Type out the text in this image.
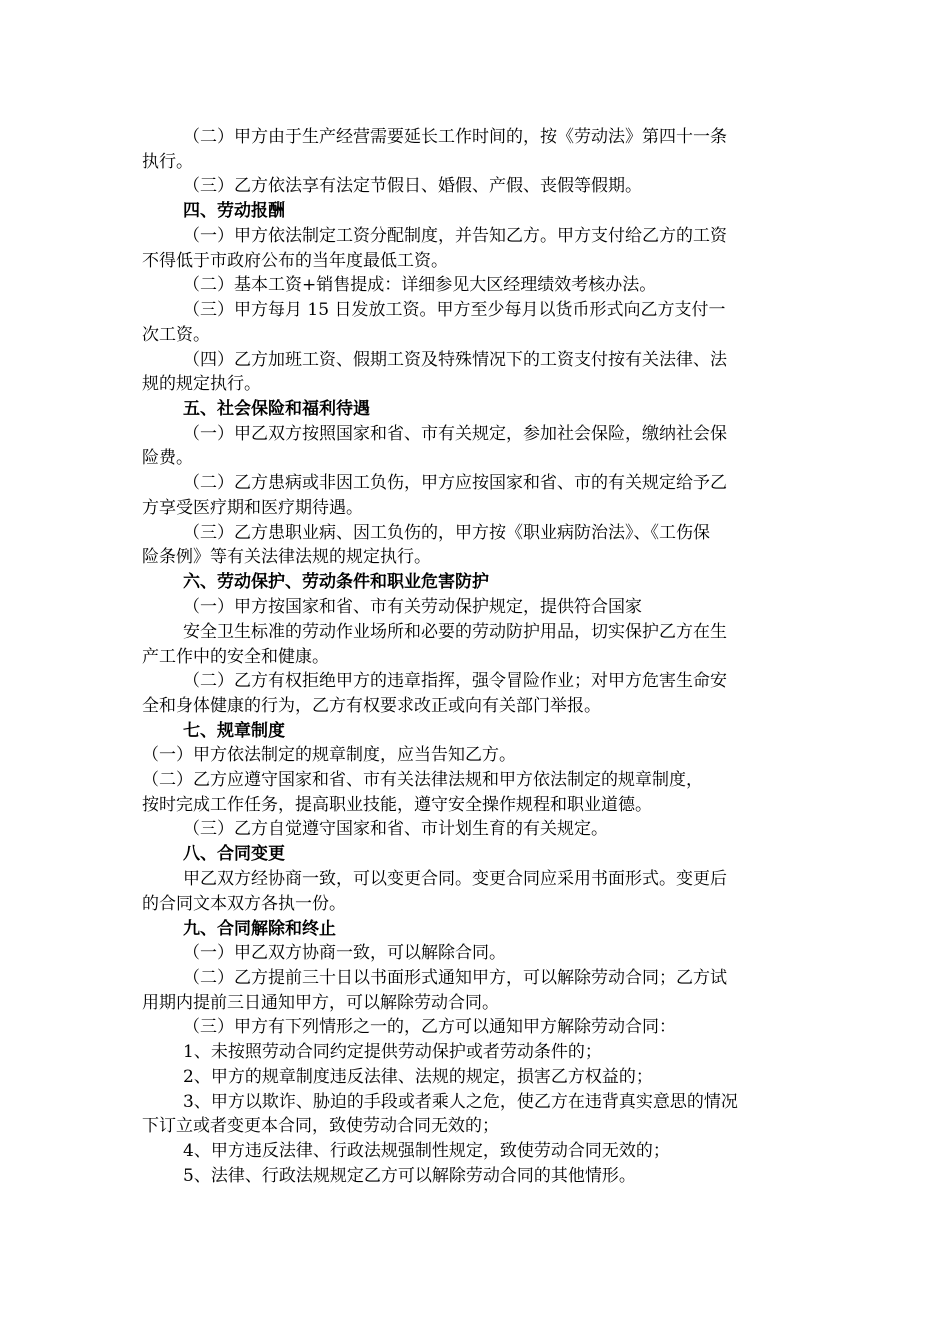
（二）甲方由于生产经营需要延长工作时间的，按《劳动法》第四十一条
执行。
（三）乙方依法享有法定节假日、婚假、产假、丧假等假期。
四、劳动报酬
（一）甲方依法制定工资分配制度，并告知乙方。甲方支付给乙方的工资
不得低于市政府公布的当年度最低工资。
（二）基本工资+销售提成：详细参见大区经理绩效考核办法。
（三）甲方每月 15 日发放工资。甲方至少每月以货币形式向乙方支付一
次工资。
（四）乙方加班工资、假期工资及特殊情况下的工资支付按有关法律、法
规的规定执行。
五、社会保险和福利待遇
（一）甲乙双方按照国家和省、市有关规定，参加社会保险，缴纳社会保
险费。
（二）乙方患病或非因工负伤，甲方应按国家和省、市的有关规定给予乙
方享受医疗期和医疗期待遇。
（三）乙方患职业病、因工负伤的，甲方按《职业病防治法》、《工伤保
险条例》等有关法律法规的规定执行。
六、劳动保护、劳动条件和职业危害防护
（一）甲方按国家和省、市有关劳动保护规定，提供符合国家
安全卫生标准的劳动作业场所和必要的劳动防护用品，切实保护乙方在生
产工作中的安全和健康。
（二）乙方有权拒绝甲方的违章指挥，强令冒险作业；对甲方危害生命安
全和身体健康的行为，乙方有权要求改正或向有关部门举报。
七、规章制度
（一）甲方依法制定的规章制度，应当告知乙方。
（二）乙方应遵守国家和省、市有关法律法规和甲方依法制定的规章制度，
按时完成工作任务，提高职业技能，遵守安全操作规程和职业道德。
（三）乙方自觉遵守国家和省、市计划生育的有关规定。
八、合同变更
甲乙双方经协商一致，可以变更合同。变更合同应采用书面形式。变更后
的合同文本双方各执一份。
九、合同解除和终止
（一）甲乙双方协商一致，可以解除合同。
（二）乙方提前三十日以书面形式通知甲方，可以解除劳动合同；乙方试
用期内提前三日通知甲方，可以解除劳动合同。
（三）甲方有下列情形之一的，乙方可以通知甲方解除劳动合同：
1、未按照劳动合同约定提供劳动保护或者劳动条件的；
2、甲方的规章制度违反法律、法规的规定，损害乙方权益的；
3、甲方以欺诈、胁迫的手段或者乘人之危，使乙方在违背真实意思的情况
下订立或者变更本合同，致使劳动合同无效的；
4、甲方违反法律、行政法规强制性规定，致使劳动合同无效的；
5、法律、行政法规规定乙方可以解除劳动合同的其他情形。
